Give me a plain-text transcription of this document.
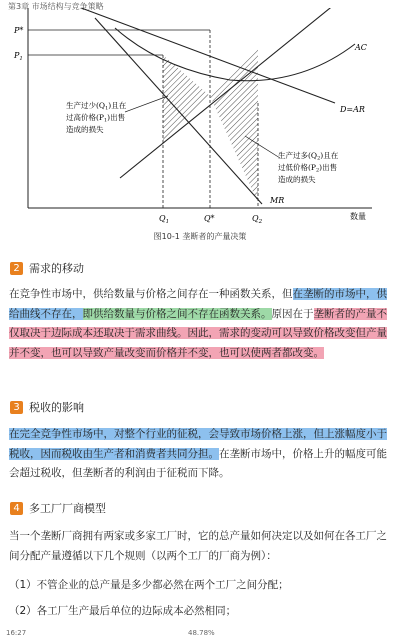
第3章 市场结构与竞争策略
P*
$P_1$
AC
D=AR
MR
$Q_1$	Q*	$Q_2$
数量
生产过少$(Q_1)$且在
过高价格$(P_1)$出售
造成的损失
生产过多$(Q_2)$且在
过低价格$(P_2)$出售
造成的损失
图10-1 垄断者的产量决策
2 需求的移动
在竞争性市场中，供给数量与价格之间存在一种函数关系，但在垄断的市场中，供给曲线不存在，即供给数量与价格之间不存在函数关系。原因在于垄断者的产量不仅取决于边际成本还取决于需求曲线。因此，需求的变动可以导致价格改变但产量并不变，也可以导致产量改变而价格并不变，也可以使两者都改变。
3 税收的影响
在完全竞争性市场中，对整个行业的征税，会导致市场价格上涨，但上涨幅度小于税收，因而税收由生产者和消费者共同分担。在垄断市场中，价格上升的幅度可能会超过税收，但垄断者的利润由于征税而下降。
4 多工厂厂商模型
当一个垄断厂商拥有两家或多家工厂时，它的总产量如何决定以及如何在各工厂之间分配产量遵循以下几个规则（以两个工厂的厂商为例）：
（1）不管企业的总产量是多少都必然在两个工厂之间分配；
（2）各工厂生产最后单位的边际成本必然相同；
16:27	48.78%
